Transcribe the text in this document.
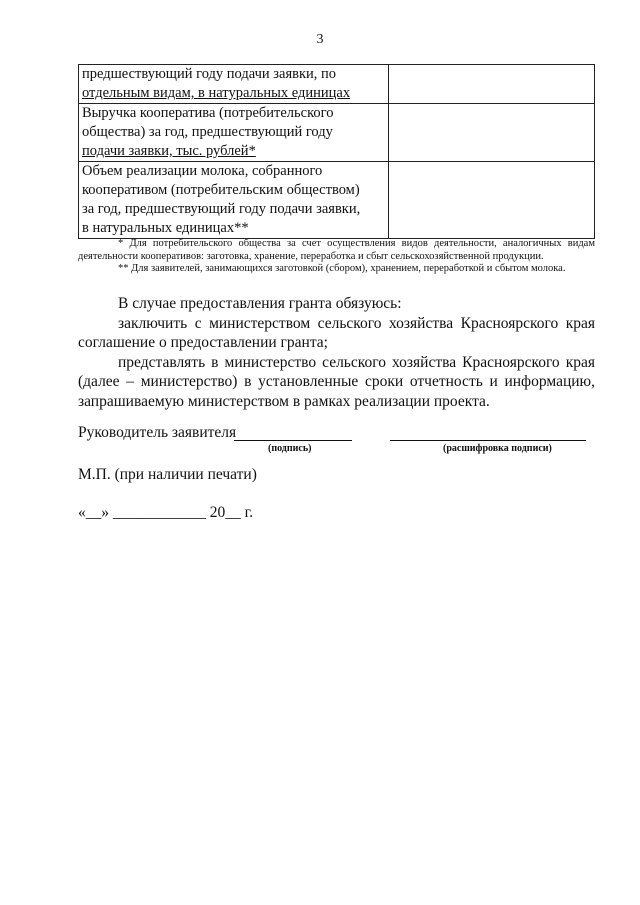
3
предшествующий году подачи заявки, по
отдельным видам, в натуральных единицах	

Выручка кооператива (потребительского
общества) за год, предшествующий году
подачи заявки, тыс. рублей*	

Объем реализации молока, собранного
кооперативом (потребительским обществом)
за год, предшествующий году подачи заявки,
в натуральных единицах**	

* Для потребительского общества за счет осуществления видов деятельности, аналогичных видам деятельности кооперативов: заготовка, хранение, переработка и сбыт сельскохозяйственной продукции.
** Для заявителей, занимающихся заготовкой (сбором), хранением, переработкой и сбытом молока.

В случае предоставления гранта обязуюсь:

заключить с министерством сельского хозяйства Красноярского края

соглашение о предоставлении гранта;

представлять в министерство сельского хозяйства Красноярского края (далее – министерство) в установленные сроки отчетность и информацию, запрашиваемую министерством в рамках реализации проекта.

Руководитель заявителя
(подпись)	(расшифровка подписи)
М.П. (при наличии печати)
«__» ____________ 20__ г.
